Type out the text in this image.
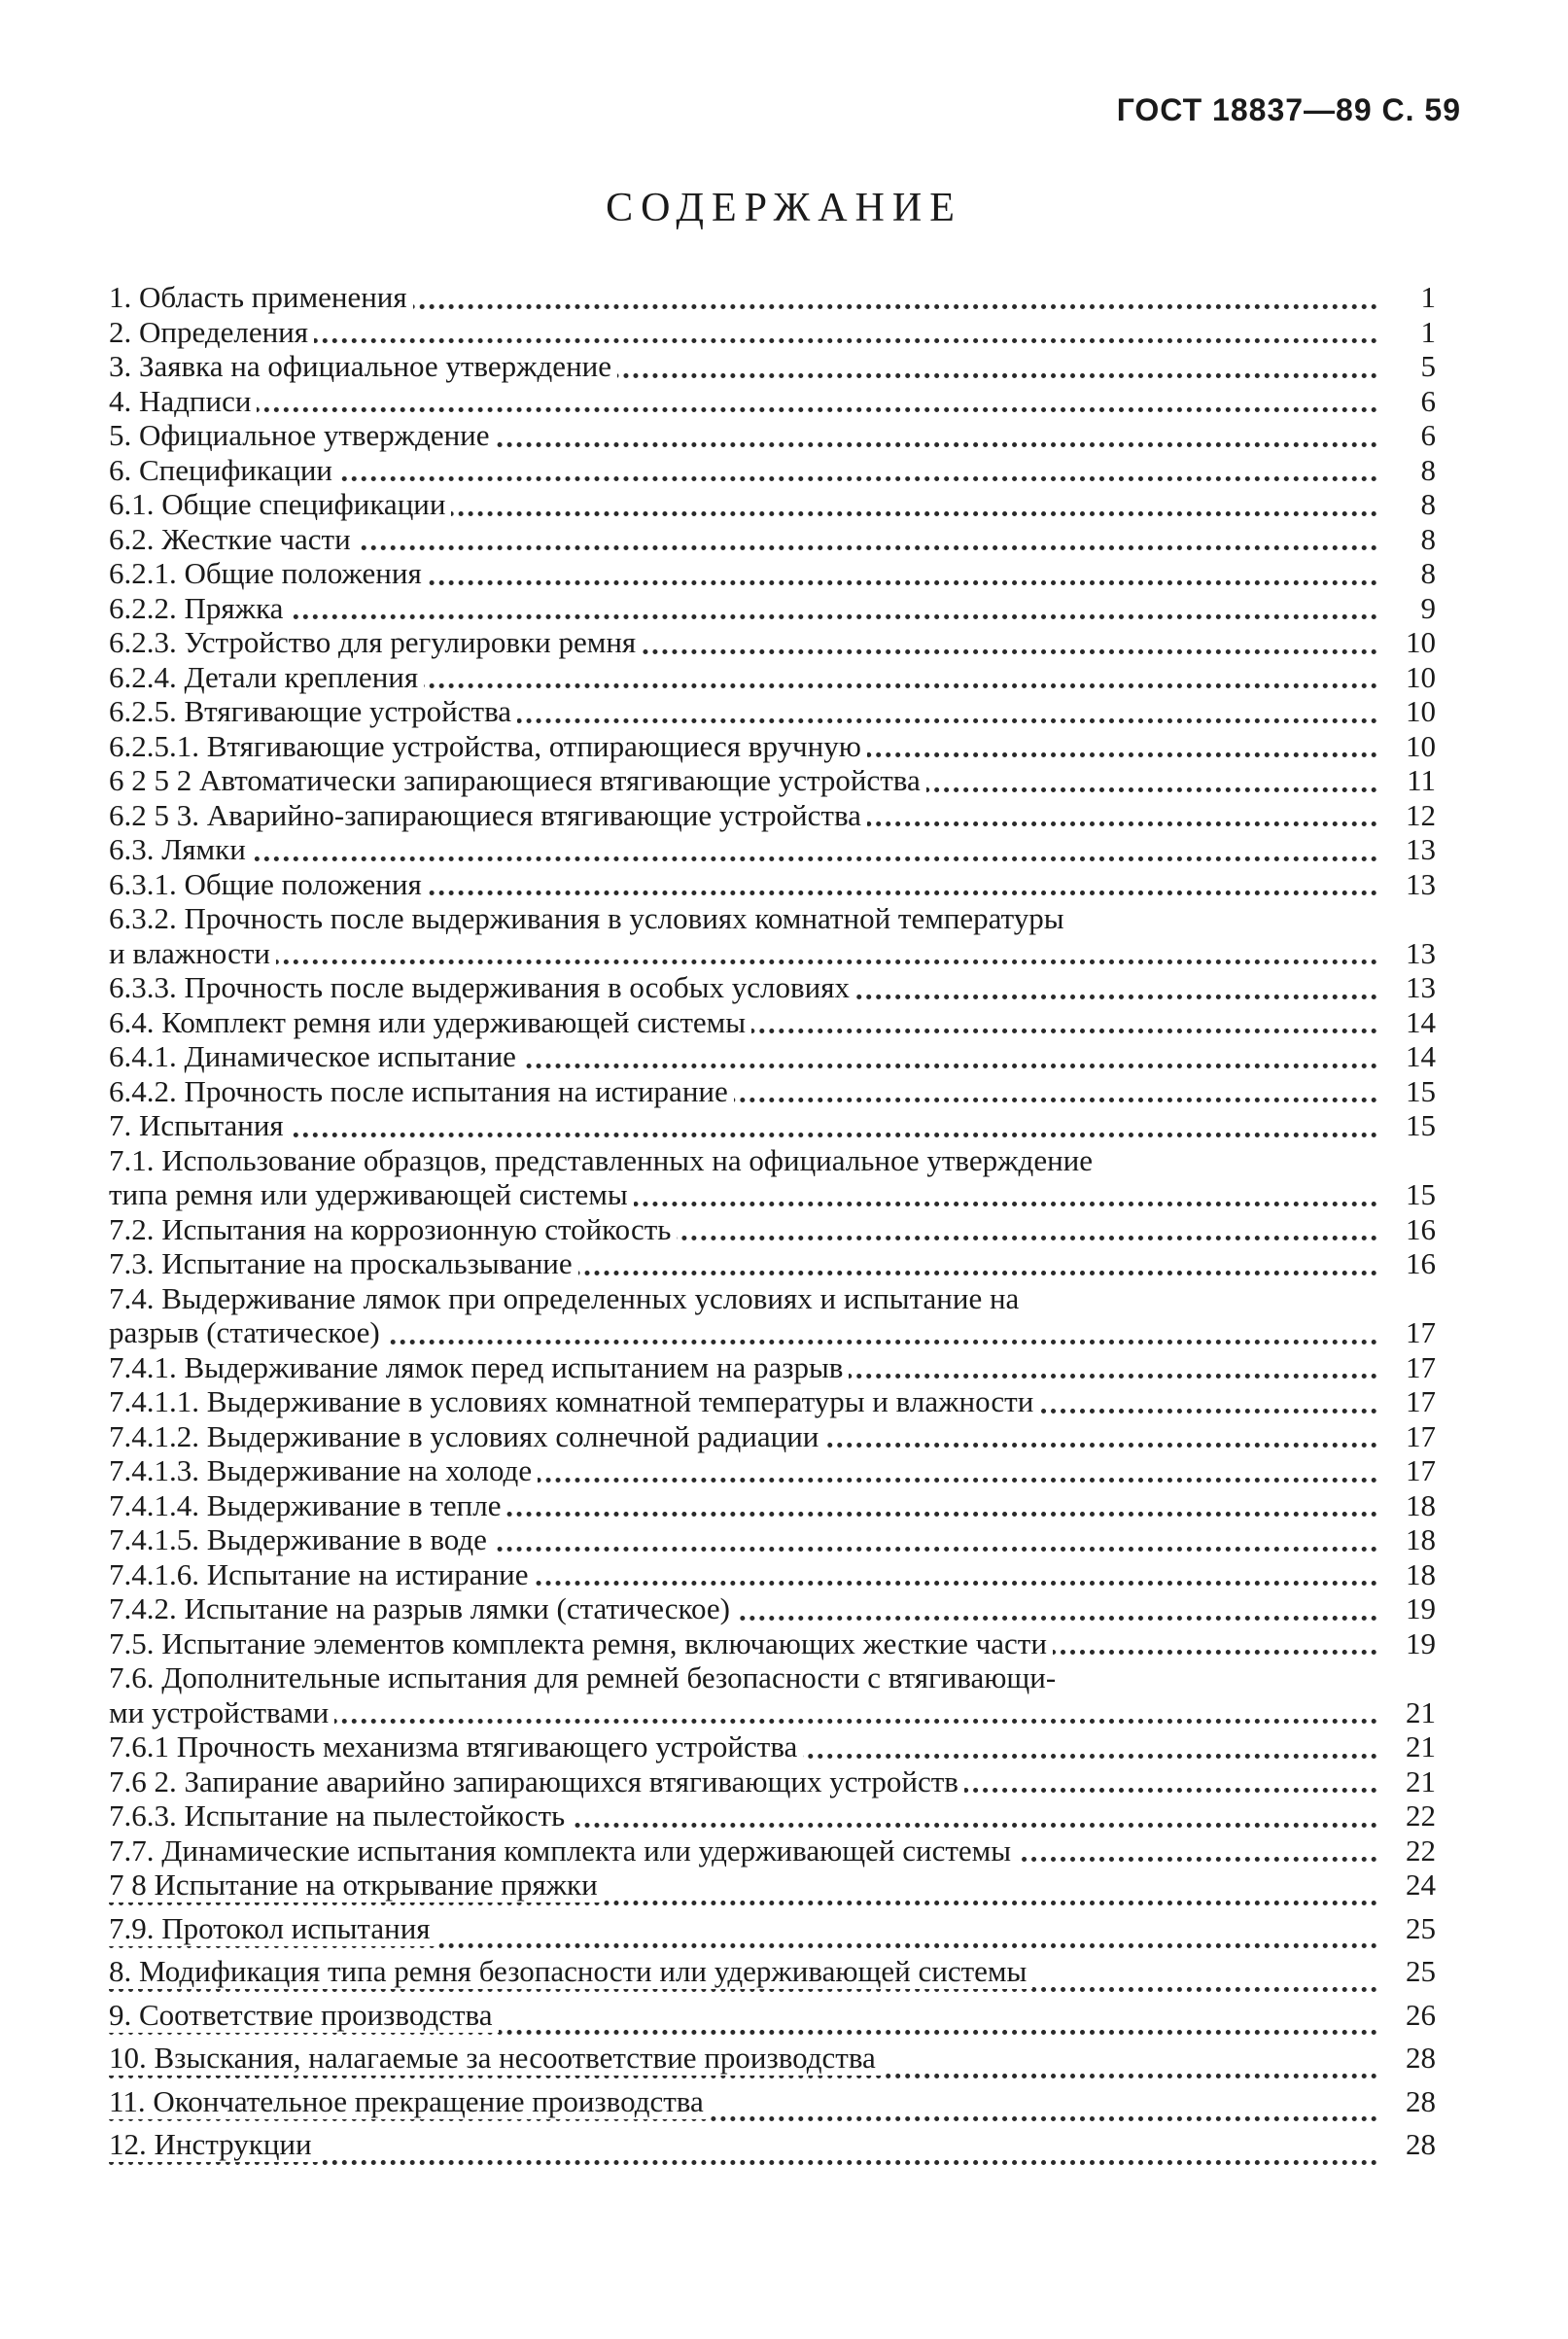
ГОСТ 18837—89 С. 59
СОДЕРЖАНИЕ
1. Область применения	1
2. Определения	1
3. Заявка на официальное утверждение	5
4. Надписи	6
5. Официальное утверждение	6
6. Спецификации	8
6.1. Общие спецификации	8
6.2. Жесткие части	8
6.2.1. Общие положения	8
6.2.2. Пряжка	9
6.2.3. Устройство для регулировки ремня	10
6.2.4. Детали крепления	10
6.2.5. Втягивающие устройства	10
6.2.5.1. Втягивающие устройства, отпирающиеся вручную	10
6 2 5 2 Автоматически запирающиеся втягивающие устройства	11
6.2 5 3. Аварийно-запирающиеся втягивающие устройства	12
6.3. Лямки	13
6.3.1. Общие положения	13
6.3.2. Прочность после выдерживания в условиях комнатной температуры
и влажности	13
6.3.3. Прочность после выдерживания в особых условиях	13
6.4. Комплект ремня или удерживающей системы	14
6.4.1. Динамическое испытание	14
6.4.2. Прочность после испытания на истирание	15
7. Испытания	15
7.1. Использование образцов, представленных на официальное утверждение
типа ремня или удерживающей системы	15
7.2. Испытания на коррозионную стойкость	16
7.3. Испытание на проскальзывание	16
7.4. Выдерживание лямок при определенных условиях и испытание на
разрыв (статическое)	17
7.4.1. Выдерживание лямок перед испытанием на разрыв	17
7.4.1.1. Выдерживание в условиях комнатной температуры и влажности	17
7.4.1.2. Выдерживание в условиях солнечной радиации	17
7.4.1.3. Выдерживание на холоде	17
7.4.1.4. Выдерживание в тепле	18
7.4.1.5. Выдерживание в воде	18
7.4.1.6. Испытание на истирание	18
7.4.2. Испытание на разрыв лямки (статическое)	19
7.5. Испытание элементов комплекта ремня, включающих жесткие части	19
7.6. Дополнительные испытания для ремней безопасности с втягивающи-
ми устройствами	21
7.6.1 Прочность механизма втягивающего устройства	21
7.6 2. Запирание аварийно запирающихся втягивающих устройств	21
7.6.3. Испытание на пылестойкость	22
7.7. Динамические испытания комплекта или удерживающей системы	22
7 8 Испытание на открывание пряжки	24
7.9. Протокол испытания	25
8. Модификация типа ремня безопасности или удерживающей системы	25
9. Соответствие производства	26
10. Взыскания, налагаемые за несоответствие производства	28
11. Окончательное прекращение производства	28
12. Инструкции	28
